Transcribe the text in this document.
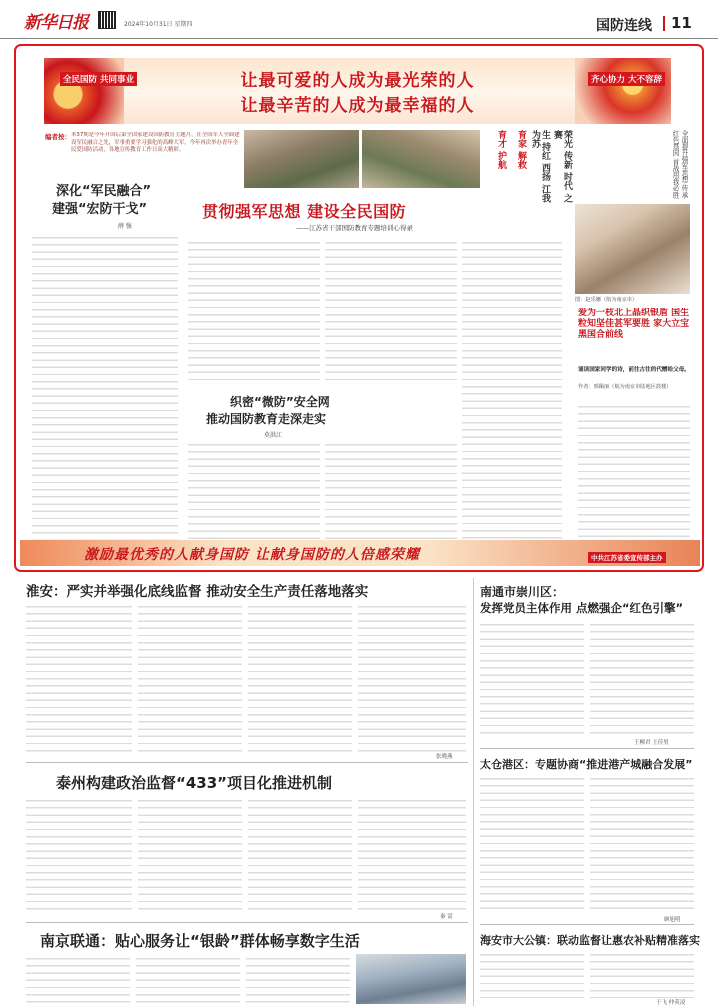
新华日报	2024年10月31日 星期四	国防连线 11
全民国防 共同事业	齐心协力 大不容辞
让最可爱的人成为最光荣的人
让最辛苦的人成为最幸福的人
编者按： 本37期是今年开国后第全国家建设国防教育主题月，在全国军人全面建设军民融合之先，军事重要学习强化的高峰大军，今年再次举办青年全民爱国防活动，各地宣传教育工作日高大精彩。	育才 护航	育家 解救	生 持红 西扬 江我 为苏	荣光 传新 时代 之赛	全面提升强军思想 传承红色基因 首战用我必胜
深化“军民融合”
建强“宏防干戈”
薛 强
贯彻强军思想 建设全民国防
——江苏省干部国防教育专题培训心得录
织密“微防”安全网
推动国防教育走深走实
莫洪江
图：赵乐娜（航为南京市）
爱为一枝北上晶织银盾 国生粒知坚佳甚军要胜 家大立宝黑国合前线
诵读国家同学的诗，前往古往的代赠给父母。
作者：邢佩丽（航为南京市陆地区鼓楼）
激励最优秀的人献身国防 让献身国防的人倍感荣耀	中共江苏省委宣传部主办
淮安：严实并举强化底线监督 推动安全生产责任落地落实
张晓燕
泰州构建政治监督“433”项目化推进机制
秦 雷
南京联通：贴心服务让“银龄”群体畅享数字生活
南通市崇川区：
发挥党员主体作用 点燃强企“红色引擎”
王柳君 王佳男
太仓港区：专题协商“推进港产城融合发展”
顾旭明
海安市大公镇：联动监督让惠农补贴精准落实
于飞 仲英凌
